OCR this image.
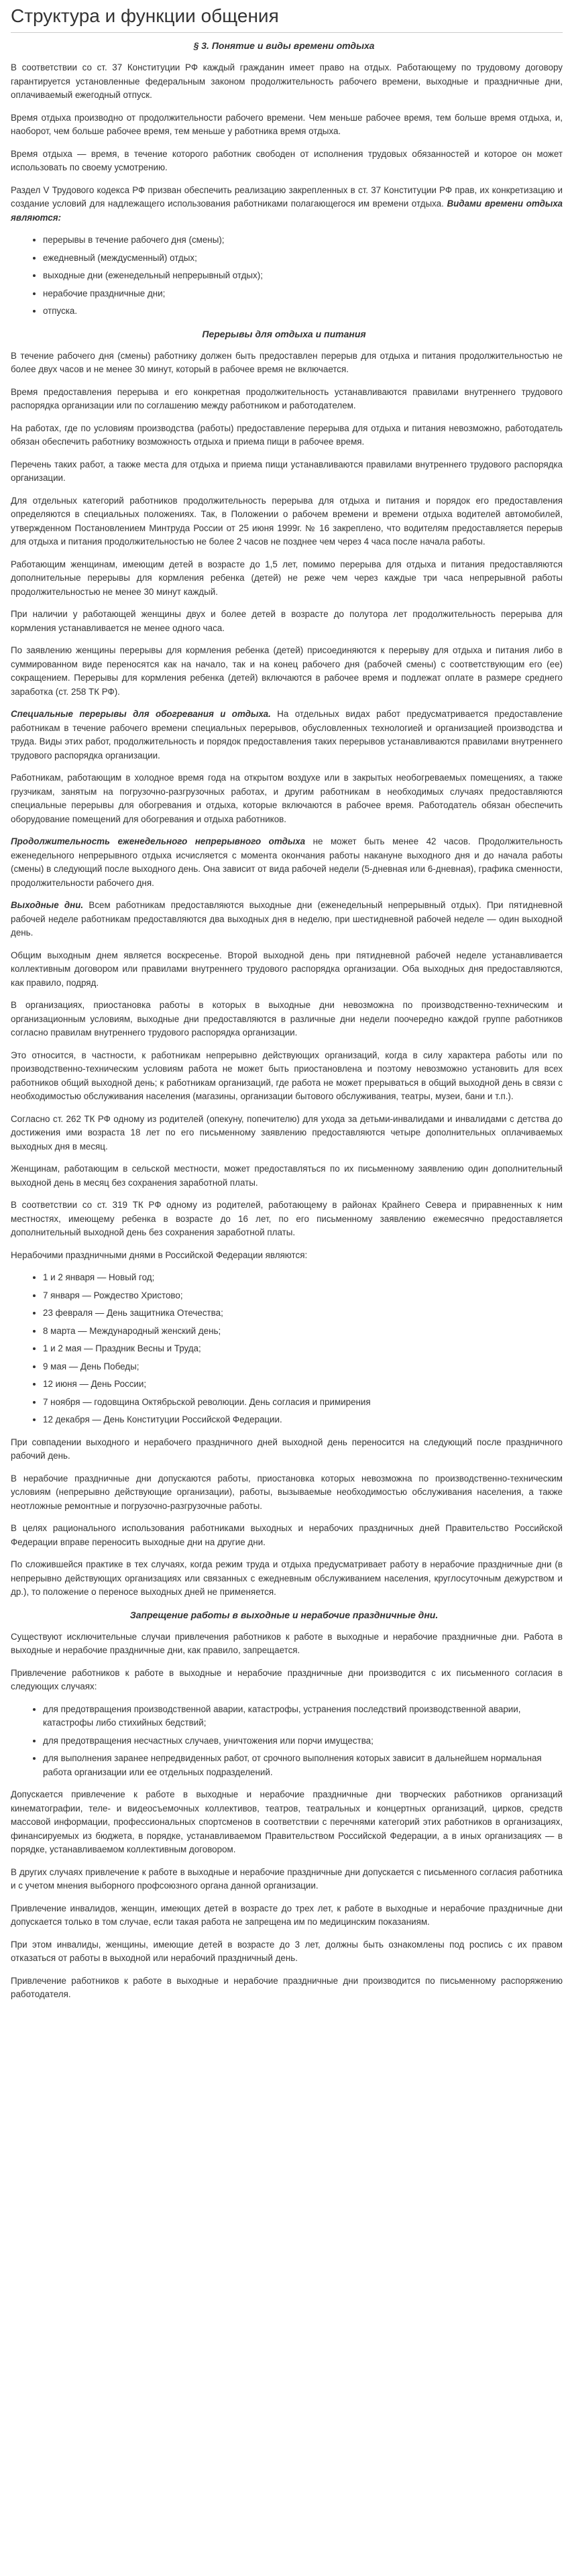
Структура и функции общения
§ 3. Понятие и виды времени отдыха

В соответствии со ст. 37 Конституции РФ каждый гражданин имеет право на отдых. Работающему по трудовому договору гарантируется установленные федеральным законом продолжительность рабочего времени, выходные и праздничные дни, оплачиваемый ежегодный отпуск.

Время отдыха производно от продолжительности рабочего времени. Чем меньше рабочее время, тем больше время отдыха, и, наоборот, чем больше рабочее время, тем меньше у работника время отдыха.

Время отдыха — время, в течение которого работник свободен от исполнения трудовых обязанностей и которое он может использовать по своему усмотрению.

Раздел V Трудового кодекса РФ призван обеспечить реализацию закрепленных в ст. 37 Конституции РФ прав, их конкретизацию и создание условий для надлежащего использования работниками полагающегося им времени отдыха. Видами времени отдыха являются:

• перерывы в течение рабочего дня (смены);
• ежедневный (междусменный) отдых;
• выходные дни (еженедельный непрерывный отдых);
• нерабочие праздничные дни;
• отпуска.
Перерывы для отдыха и питания

В течение рабочего дня (смены) работнику должен быть предоставлен перерыв для отдыха и питания продолжительностью не более двух часов и не менее 30 минут, который в рабочее время не включается.

Время предоставления перерыва и его конкретная продолжительность устанавливаются правилами внутреннего трудового распорядка организации или по соглашению между работником и работодателем.

На работах, где по условиям производства (работы) предоставление перерыва для отдыха и питания невозможно, работодатель обязан обеспечить работнику возможность отдыха и приема пищи в рабочее время.

Перечень таких работ, а также места для отдыха и приема пищи устанавливаются правилами внутреннего трудового распорядка организации.

Для отдельных категорий работников продолжительность перерыва для отдыха и питания и порядок его предоставления определяются в специальных положениях. Так, в Положении о рабочем времени и времени отдыха водителей автомобилей, утвержденном Постановлением Минтруда России от 25 июня 1999г. № 16 закреплено, что водителям предоставляется перерыв для отдыха и питания продолжительностью не более 2 часов не позднее чем через 4 часа после начала работы.

Работающим женщинам, имеющим детей в возрасте до 1,5 лет, помимо перерыва для отдыха и питания предоставляются дополнительные перерывы для кормления ребенка (детей) не реже чем через каждые три часа непрерывной работы продолжительностью не менее 30 минут каждый.

При наличии у работающей женщины двух и более детей в возрасте до полутора лет продолжительность перерыва для кормления устанавливается не менее одного часа.

По заявлению женщины перерывы для кормления ребенка (детей) присоединяются к перерыву для отдыха и питания либо в суммированном виде переносятся как на начало, так и на конец рабочего дня (рабочей смены) с соответствующим его (ее) сокращением. Перерывы для кормления ребенка (детей) включаются в рабочее время и подлежат оплате в размере среднего заработка (ст. 258 ТК РФ).

Специальные перерывы для обогревания и отдыха. На отдельных видах работ предусматривается предоставление работникам в течение рабочего времени специальных перерывов, обусловленных технологией и организацией производства и труда. Виды этих работ, продолжительность и порядок предоставления таких перерывов устанавливаются правилами внутреннего трудового распорядка организации.

Работникам, работающим в холодное время года на открытом воздухе или в закрытых необогреваемых помещениях, а также грузчикам, занятым на погрузочно-разгрузочных работах, и другим работникам в необходимых случаях предоставляются специальные перерывы для обогревания и отдыха, которые включаются в рабочее время. Работодатель обязан обеспечить оборудование помещений для обогревания и отдыха работников.

Продолжительность еженедельного непрерывного отдыха не может быть менее 42 часов. Продолжительность еженедельного непрерывного отдыха исчисляется с момента окончания работы накануне выходного дня и до начала работы (смены) в следующий после выходного день. Она зависит от вида рабочей недели (5-дневная или 6-дневная), графика сменности, продолжительности рабочего дня.

Выходные дни. Всем работникам предоставляются выходные дни (еженедельный непрерывный отдых). При пятидневной рабочей неделе работникам предоставляются два выходных дня в неделю, при шестидневной рабочей неделе — один выходной день.

Общим выходным днем является воскресенье. Второй выходной день при пятидневной рабочей неделе устанавливается коллективным договором или правилами внутреннего трудового распорядка организации. Оба выходных дня предоставляются, как правило, подряд.

В организациях, приостановка работы в которых в выходные дни невозможна по производственно-техническим и организационным условиям, выходные дни предоставляются в различные дни недели поочередно каждой группе работников согласно правилам внутреннего трудового распорядка организации.

Это относится, в частности, к работникам непрерывно действующих организаций, когда в силу характера работы или по производственно-техническим условиям работа не может быть приостановлена и поэтому невозможно установить для всех работников общий выходной день; к работникам организаций, где работа не может прерываться в общий выходной день в связи с необходимостью обслуживания населения (магазины, организации бытового обслуживания, театры, музеи, бани и т.п.).

Согласно ст. 262 ТК РФ одному из родителей (опекуну, попечителю) для ухода за детьми-инвалидами и инвалидами с детства до достижения ими возраста 18 лет по его письменному заявлению предоставляются четыре дополнительных оплачиваемых выходных дня в месяц.

Женщинам, работающим в сельской местности, может предоставляться по их письменному заявлению один дополнительный выходной день в месяц без сохранения заработной платы.

В соответствии со ст. 319 ТК РФ одному из родителей, работающему в районах Крайнего Севера и приравненных к ним местностях, имеющему ребенка в возрасте до 16 лет, по его письменному заявлению ежемесячно предоставляется дополнительный выходной день без сохранения заработной платы.

Нерабочими праздничными днями в Российской Федерации являются:

• 1 и 2 января — Новый год;
• 7 января — Рождество Христово;
• 23 февраля — День защитника Отечества;
• 8 марта — Международный женский день;
• 1 и 2 мая — Праздник Весны и Труда;
• 9 мая — День Победы;
• 12 июня — День России;
• 7 ноября — годовщина Октябрьской революции. День согласия и примирения
• 12 декабря — День Конституции Российской Федерации.

При совпадении выходного и нерабочего праздничного дней выходной день переносится на следующий после праздничного рабочий день.

В нерабочие праздничные дни допускаются работы, приостановка которых невозможна по производственно-техническим условиям (непрерывно действующие организации), работы, вызываемые необходимостью обслуживания населения, а также неотложные ремонтные и погрузочно-разгрузочные работы.

В целях рационального использования работниками выходных и нерабочих праздничных дней Правительство Российской Федерации вправе переносить выходные дни на другие дни.

По сложившейся практике в тех случаях, когда режим труда и отдыха предусматривает работу в нерабочие праздничные дни (в непрерывно действующих организациях или связанных с ежедневным обслуживанием населения, круглосуточным дежурством и др.), то положение о переносе выходных дней не применяется.

Запрещение работы в выходные и нерабочие праздничные дни.

Существуют исключительные случаи привлечения работников к работе в выходные и нерабочие праздничные дни. Работа в выходные и нерабочие праздничные дни, как правило, запрещается.

Привлечение работников к работе в выходные и нерабочие праздничные дни производится с их письменного согласия в следующих случаях:

• для предотвращения производственной аварии, катастрофы, устранения последствий производственной аварии, катастрофы либо стихийных бедствий;
• для предотвращения несчастных случаев, уничтожения или порчи имущества;
• для выполнения заранее непредвиденных работ, от срочного выполнения которых зависит в дальнейшем нормальная работа организации или ее отдельных подразделений.

Допускается привлечение к работе в выходные и нерабочие праздничные дни творческих работников организаций кинематографии, теле- и видеосъемочных коллективов, театров, театральных и концертных организаций, цирков, средств массовой информации, профессиональных спортсменов в соответствии с перечнями категорий этих работников в организациях, финансируемых из бюджета, в порядке, устанавливаемом Правительством Российской Федерации, а в иных организациях — в порядке, устанавливаемом коллективным договором.

В других случаях привлечение к работе в выходные и нерабочие праздничные дни допускается с письменного согласия работника и с учетом мнения выборного профсоюзного органа данной организации.

Привлечение инвалидов, женщин, имеющих детей в возрасте до трех лет, к работе в выходные и нерабочие праздничные дни допускается только в том случае, если такая работа не запрещена им по медицинским показаниям.

При этом инвалиды, женщины, имеющие детей в возрасте до 3 лет, должны быть ознакомлены под роспись с их правом отказаться от работы в выходной или нерабочий праздничный день.

Привлечение работников к работе в выходные и нерабочие праздничные дни производится по письменному распоряжению работодателя.
